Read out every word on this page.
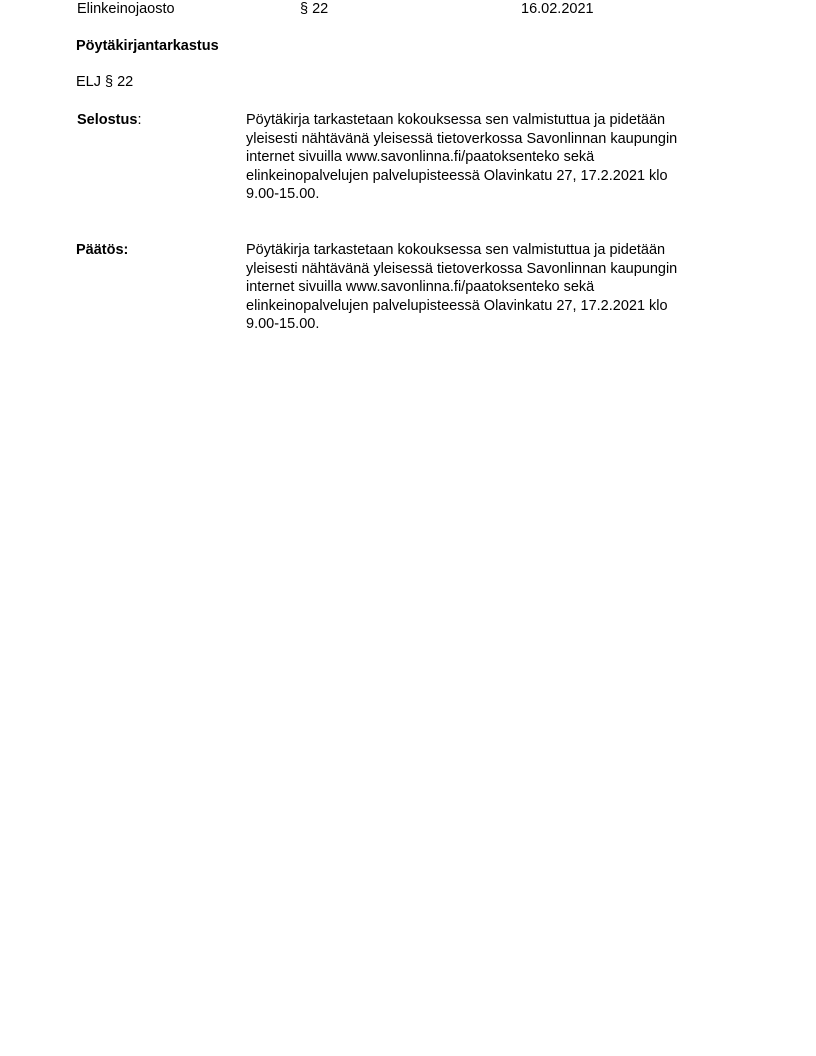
Elinkeinojaosto	§ 22	16.02.2021
Pöytäkirjantarkastus
ELJ § 22
Selostus:	Pöytäkirja tarkastetaan kokouksessa sen valmistuttua ja pidetään
yleisesti nähtävänä yleisessä tietoverkossa Savonlinnan kaupungin
internet sivuilla www.savonlinna.fi/paatoksenteko sekä
elinkeinopalvelujen palvelupisteessä Olavinkatu 27, 17.2.2021 klo
9.00-15.00.
Päätös:	Pöytäkirja tarkastetaan kokouksessa sen valmistuttua ja pidetään
yleisesti nähtävänä yleisessä tietoverkossa Savonlinnan kaupungin
internet sivuilla www.savonlinna.fi/paatoksenteko sekä
elinkeinopalvelujen palvelupisteessä Olavinkatu 27, 17.2.2021 klo
9.00-15.00.
